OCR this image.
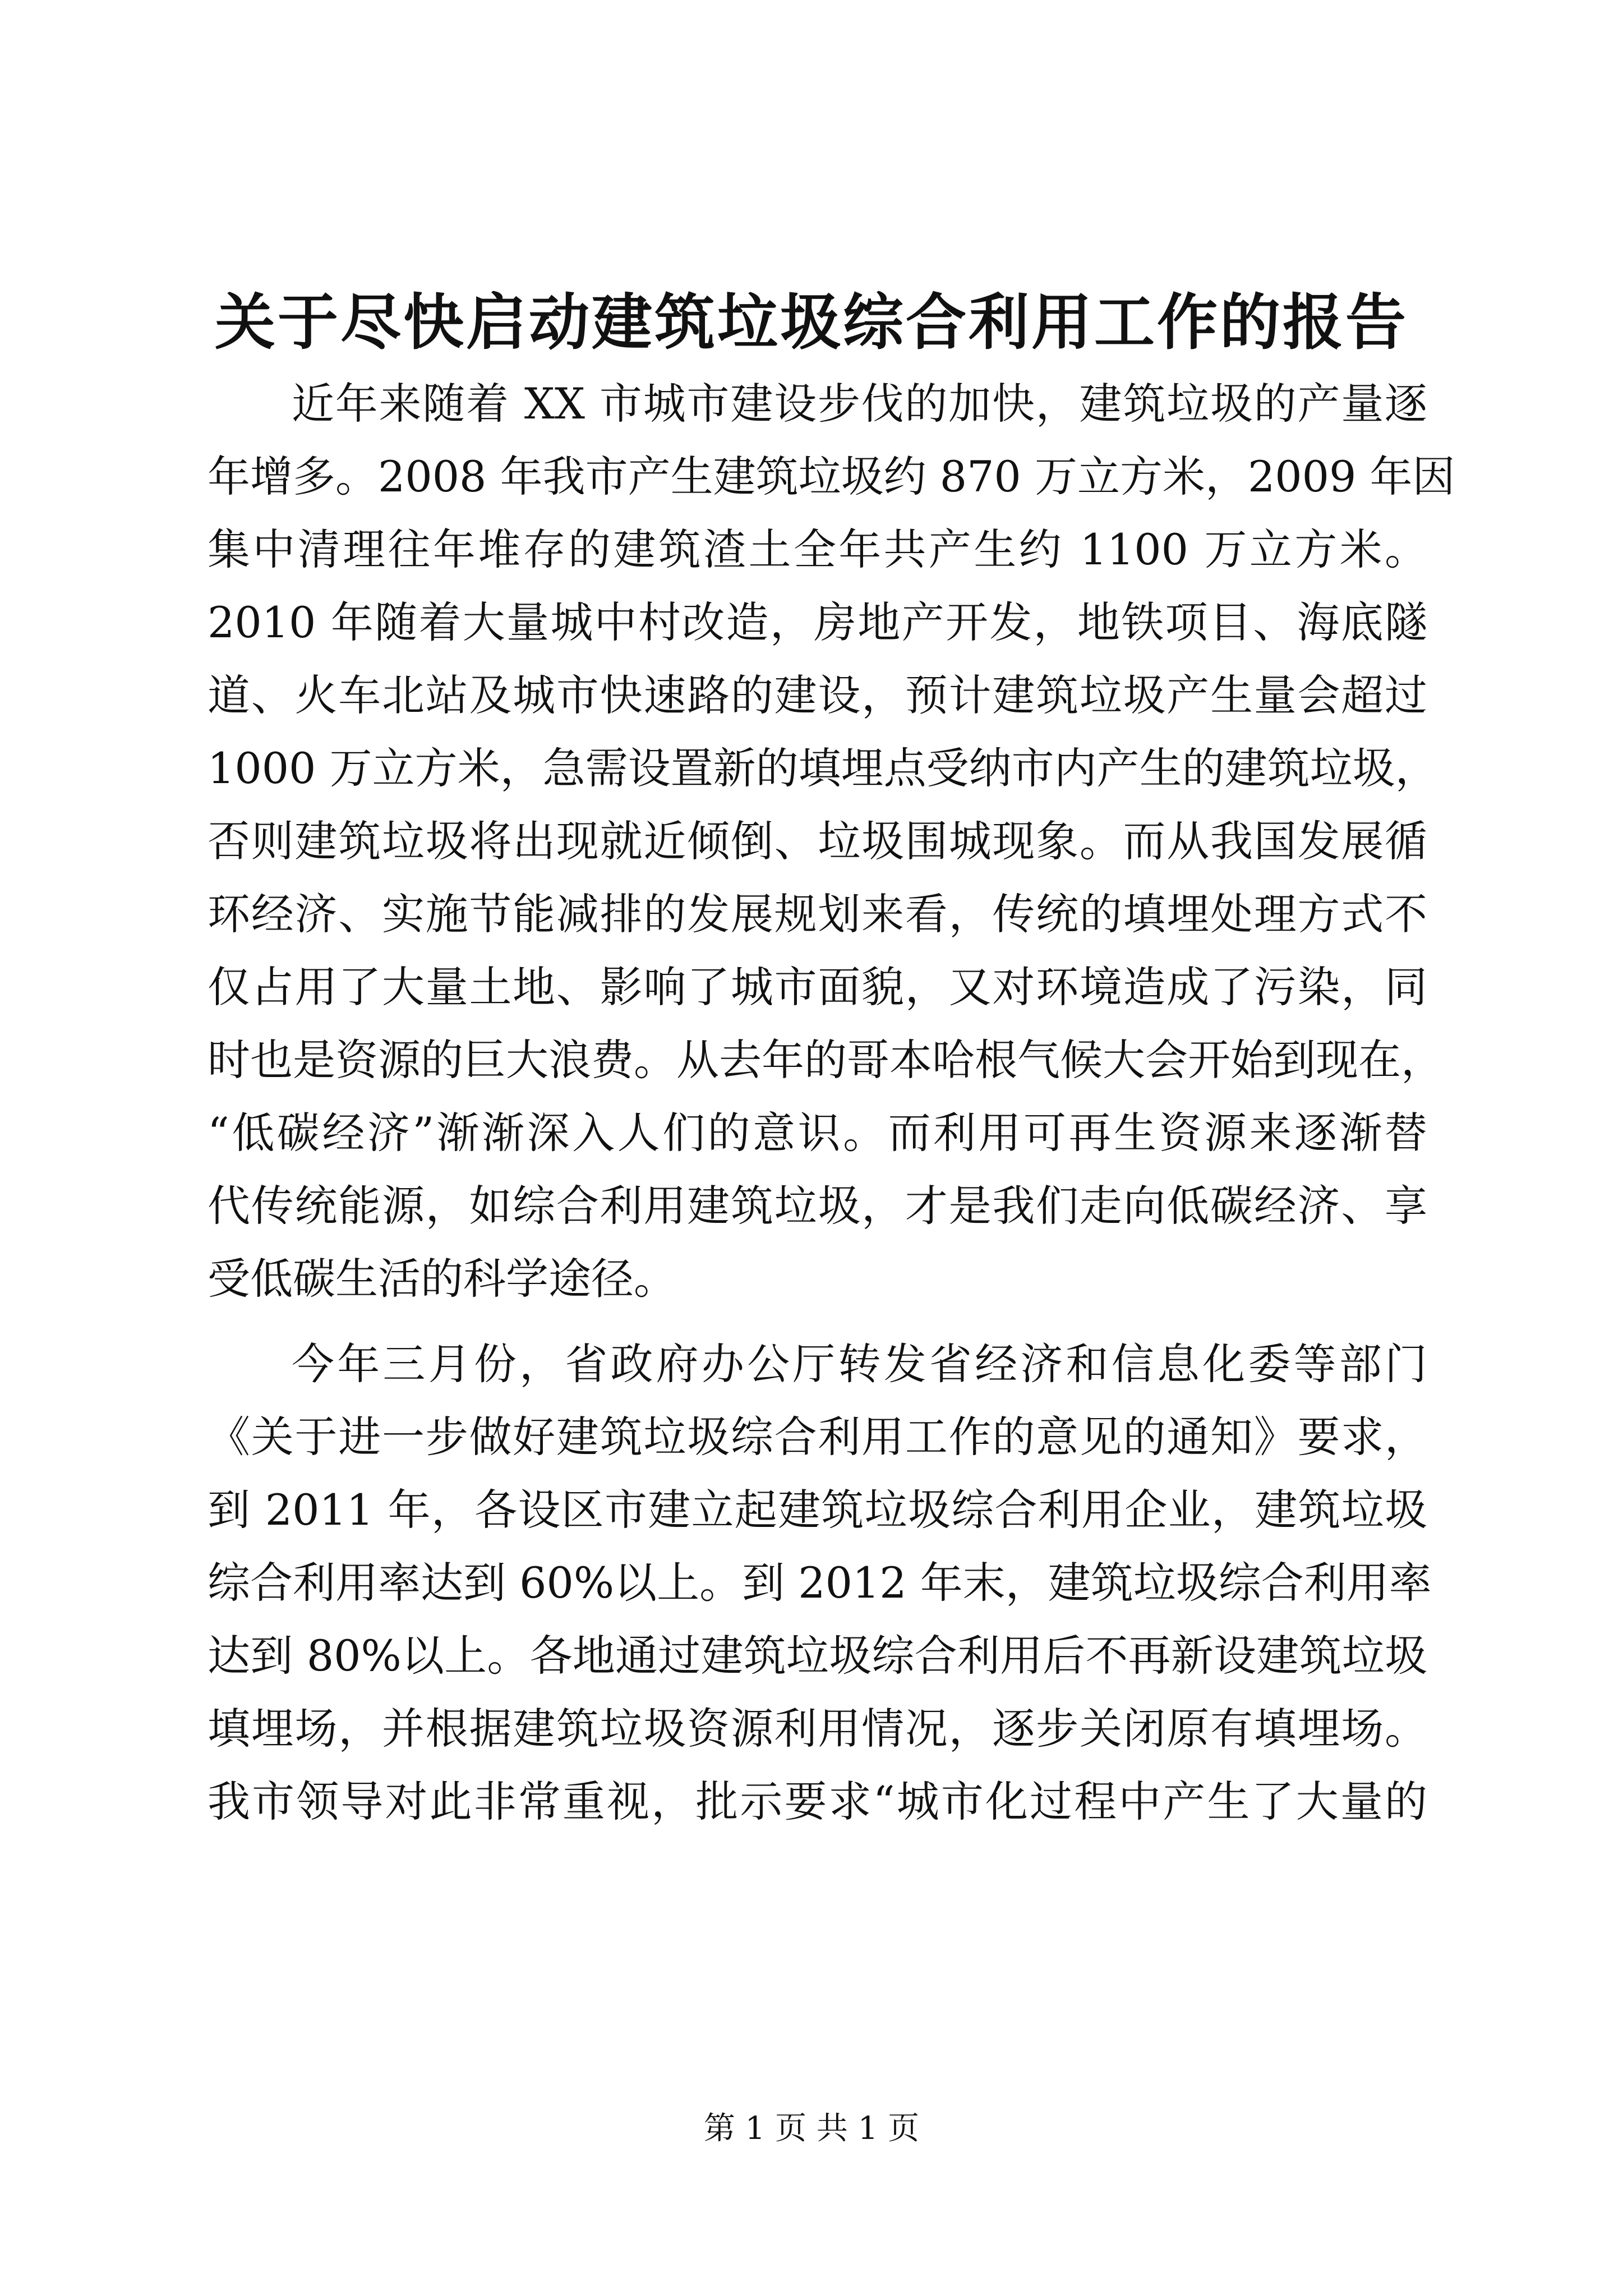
关于尽快启动建筑垃圾综合利用工作的报告
近年来随着 XX 市城市建设步伐的加快，建筑垃圾的产量逐
年增多。2008 年我市产生建筑垃圾约 870 万立方米，2009 年因
集中清理往年堆存的建筑渣土全年共产生约 1100 万立方米。
2010 年随着大量城中村改造，房地产开发，地铁项目、海底隧
道、火车北站及城市快速路的建设，预计建筑垃圾产生量会超过
1000 万立方米，急需设置新的填埋点受纳市内产生的建筑垃圾，
否则建筑垃圾将出现就近倾倒、垃圾围城现象。而从我国发展循
环经济、实施节能减排的发展规划来看，传统的填埋处理方式不
仅占用了大量土地、影响了城市面貌，又对环境造成了污染，同
时也是资源的巨大浪费。从去年的哥本哈根气候大会开始到现在，
“低碳经济”渐渐深入人们的意识。而利用可再生资源来逐渐替
代传统能源，如综合利用建筑垃圾，才是我们走向低碳经济、享
受低碳生活的科学途径。
今年三月份，省政府办公厅转发省经济和信息化委等部门
《关于进一步做好建筑垃圾综合利用工作的意见的通知》要求，
到 2011 年，各设区市建立起建筑垃圾综合利用企业，建筑垃圾
综合利用率达到 60%以上。到 2012 年末，建筑垃圾综合利用率
达到 80%以上。各地通过建筑垃圾综合利用后不再新设建筑垃圾
填埋场，并根据建筑垃圾资源利用情况，逐步关闭原有填埋场。
我市领导对此非常重视，批示要求“城市化过程中产生了大量的
第 1 页 共 1 页
